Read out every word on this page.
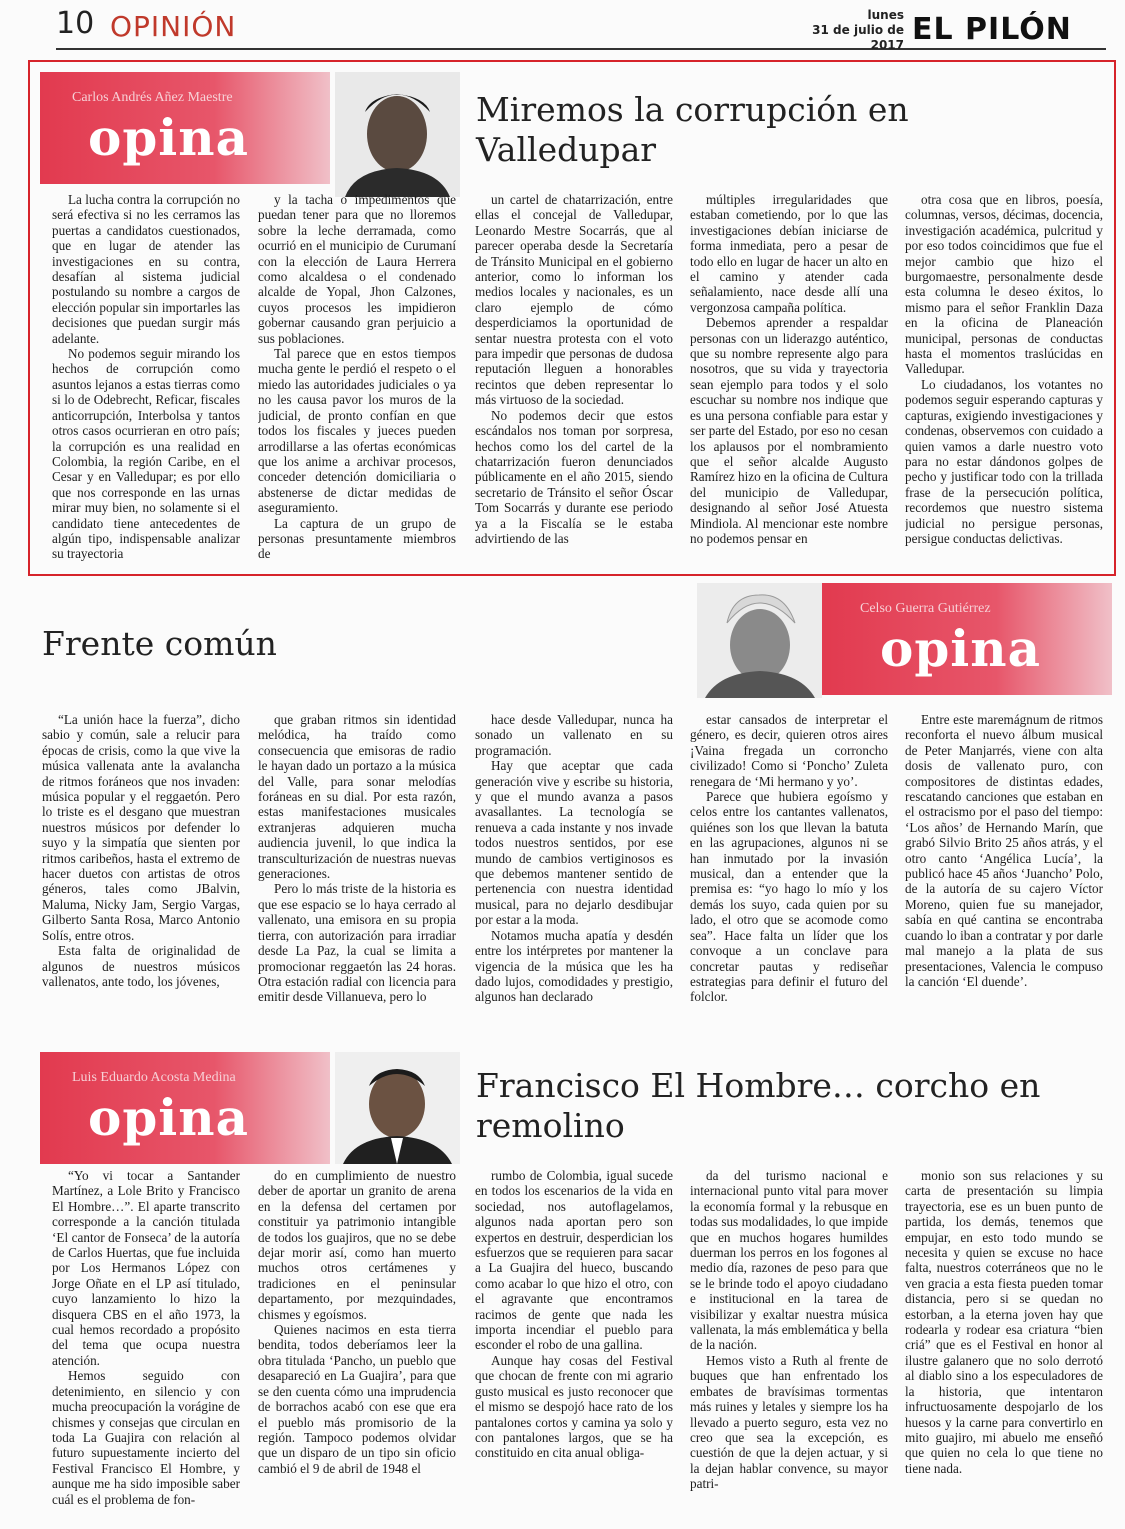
10 OPINIÓN	lunes
31 de julio de 2017 EL PILÓN
Carlos Andrés Añez Maestre
opina	Miremos la corrupción en Valledupar

La lucha contra la corrupción no será efectiva si no les cerramos las puertas a candidatos cuestionados, que en lugar de atender las investigaciones en su contra, desafían al sistema judicial postulando su nombre a cargos de elección popular sin importarles las decisiones que puedan surgir más adelante.

No podemos seguir mirando los hechos de corrupción como asuntos lejanos a estas tierras como si lo de Odebrecht, Reficar, fiscales anticorrupción, Interbolsa y tantos otros casos ocurrieran en otro país; la corrupción es una realidad en Colombia, la región Caribe, en el Cesar y en Valledupar; es por ello que nos corresponde en las urnas mirar muy bien, no solamente si el candidato tiene antecedentes de algún tipo, indispensable analizar su trayectoria

y la tacha o impedimentos que puedan tener para que no lloremos sobre la leche derramada, como ocurrió en el municipio de Curumaní con la elección de Laura Herrera como alcaldesa o el condenado alcalde de Yopal, Jhon Calzones, cuyos procesos les impidieron gobernar causando gran perjuicio a sus poblaciones.

Tal parece que en estos tiempos mucha gente le perdió el respeto o el miedo las autoridades judiciales o ya no les causa pavor los muros de la judicial, de pronto confían en que todos los fiscales y jueces pueden arrodillarse a las ofertas económicas que los anime a archivar procesos, conceder detención domiciliaria o abstenerse de dictar medidas de aseguramiento.

La captura de un grupo de personas presuntamente miembros de

un cartel de chatarrización, entre ellas el concejal de Valledupar, Leonardo Mestre Socarrás, que al parecer operaba desde la Secretaría de Tránsito Municipal en el gobierno anterior, como lo informan los medios locales y nacionales, es un claro ejemplo de cómo desperdiciamos la oportunidad de sentar nuestra protesta con el voto para impedir que personas de dudosa reputación lleguen a honorables recintos que deben representar lo más virtuoso de la sociedad.

No podemos decir que estos escándalos nos toman por sorpresa, hechos como los del cartel de la chatarrización fueron denunciados públicamente en el año 2015, siendo secretario de Tránsito el señor Óscar Tom Socarrás y durante ese periodo ya a la Fiscalía se le estaba advirtiendo de las

múltiples irregularidades que estaban cometiendo, por lo que las investigaciones debían iniciarse de forma inmediata, pero a pesar de todo ello en lugar de hacer un alto en el camino y atender cada señalamiento, nace desde allí una vergonzosa campaña política.

Debemos aprender a respaldar personas con un liderazgo auténtico, que su nombre represente algo para nosotros, que su vida y trayectoria sean ejemplo para todos y el solo escuchar su nombre nos indique que es una persona confiable para estar y ser parte del Estado, por eso no cesan los aplausos por el nombramiento que el señor alcalde Augusto Ramírez hizo en la oficina de Cultura del municipio de Valledupar, designando al señor José Atuesta Mindiola. Al mencionar este nombre no podemos pensar en

otra cosa que en libros, poesía, columnas, versos, décimas, docencia, investigación académica, pulcritud y por eso todos coincidimos que fue el mejor cambio que hizo el burgomaestre, personalmente desde esta columna le deseo éxitos, lo mismo para el señor Franklin Daza en la oficina de Planeación municipal, personas de conductas hasta el momentos traslúcidas en Valledupar.

Lo ciudadanos, los votantes no podemos seguir esperando capturas y capturas, exigiendo investigaciones y condenas, observemos con cuidado a quien vamos a darle nuestro voto para no estar dándonos golpes de pecho y justificar todo con la trillada frase de la persecución política, recordemos que nuestro sistema judicial no persigue personas, persigue conductas delictivas.

Frente común
Celso Guerra Gutiérrez
opina

“La unión hace la fuerza”, dicho sabio y común, sale a relucir para épocas de crisis, como la que vive la música vallenata ante la avalancha de ritmos foráneos que nos invaden: música popular y el reggaetón. Pero lo triste es el desgano que muestran nuestros músicos por defender lo suyo y la simpatía que sienten por ritmos caribeños, hasta el extremo de hacer duetos con artistas de otros géneros, tales como JBalvin, Maluma, Nicky Jam, Sergio Vargas, Gilberto Santa Rosa, Marco Antonio Solís, entre otros.

Esta falta de originalidad de algunos de nuestros músicos vallenatos, ante todo, los jóvenes,

que graban ritmos sin identidad melódica, ha traído como consecuencia que emisoras de radio le hayan dado un portazo a la música del Valle, para sonar melodías foráneas en su dial. Por esta razón, estas manifestaciones musicales extranjeras adquieren mucha audiencia juvenil, lo que indica la transculturización de nuestras nuevas generaciones.

Pero lo más triste de la historia es que ese espacio se lo haya cerrado al vallenato, una emisora en su propia tierra, con autorización para irradiar desde La Paz, la cual se limita a promocionar reggaetón las 24 horas. Otra estación radial con licencia para emitir desde Villanueva, pero lo

hace desde Valledupar, nunca ha sonado un vallenato en su programación.

Hay que aceptar que cada generación vive y escribe su historia, y que el mundo avanza a pasos avasallantes. La tecnología se renueva a cada instante y nos invade todos nuestros sentidos, por ese mundo de cambios vertiginosos es que debemos mantener sentido de pertenencia con nuestra identidad musical, para no dejarlo desdibujar por estar a la moda.

Notamos mucha apatía y desdén entre los intérpretes por mantener la vigencia de la música que les ha dado lujos, comodidades y prestigio, algunos han declarado

estar cansados de interpretar el género, es decir, quieren otros aires ¡Vaina fregada un corroncho civilizado! Como si ‘Poncho’ Zuleta renegara de ‘Mi hermano y yo’.

Parece que hubiera egoísmo y celos entre los cantantes vallenatos, quiénes son los que llevan la batuta en las agrupaciones, algunos ni se han inmutado por la invasión musical, dan a entender que la premisa es: “yo hago lo mío y los demás los suyo, cada quien por su lado, el otro que se acomode como sea”. Hace falta un líder que los convoque a un conclave para concretar pautas y rediseñar estrategias para definir el futuro del folclor.

Entre este maremágnum de ritmos reconforta el nuevo álbum musical de Peter Manjarrés, viene con alta dosis de vallenato puro, con compositores de distintas edades, rescatando canciones que estaban en el ostracismo por el paso del tiempo: ‘Los años’ de Hernando Marín, que grabó Silvio Brito 25 años atrás, y el otro canto ‘Angélica Lucía’, la publicó hace 45 años ‘Juancho’ Polo, de la autoría de su cajero Víctor Moreno, quien fue su manejador, sabía en qué cantina se encontraba cuando lo iban a contratar y por darle mal manejo a la plata de sus presentaciones, Valencia le compuso la canción ‘El duende’.

Luis Eduardo Acosta Medina
opina
Francisco El Hombre… corcho en remolino

“Yo vi tocar a Santander Martínez, a Lole Brito y Francisco El Hombre…”. El aparte transcrito corresponde a la canción titulada ‘El cantor de Fonseca’ de la autoría de Carlos Huertas, que fue incluida por Los Hermanos López con Jorge Oñate en el LP así titulado, cuyo lanzamiento lo hizo la disquera CBS en el año 1973, la cual hemos recordado a propósito del tema que ocupa nuestra atención.

Hemos seguido con detenimiento, en silencio y con mucha preocupación la vorágine de chismes y consejas que circulan en toda La Guajira con relación al futuro supuestamente incierto del Festival Francisco El Hombre, y aunque me ha sido imposible saber cuál es el problema de fon-

do en cumplimiento de nuestro deber de aportar un granito de arena en la defensa del certamen por constituir ya patrimonio intangible de todos los guajiros, que no se debe dejar morir así, como han muerto muchos otros certámenes y tradiciones en el peninsular departamento, por mezquindades, chismes y egoísmos.

Quienes nacimos en esta tierra bendita, todos deberíamos leer la obra titulada ‘Pancho, un pueblo que desapareció en La Guajira’, para que se den cuenta cómo una imprudencia de borrachos acabó con ese que era el pueblo más promisorio de la región. Tampoco podemos olvidar que un disparo de un tipo sin oficio cambió el 9 de abril de 1948 el

rumbo de Colombia, igual sucede en todos los escenarios de la vida en sociedad, nos autoflagelamos, algunos nada aportan pero son expertos en destruir, desperdician los esfuerzos que se requieren para sacar a La Guajira del hueco, buscando como acabar lo que hizo el otro, con el agravante que encontramos racimos de gente que nada les importa incendiar el pueblo para esconder el robo de una gallina.

Aunque hay cosas del Festival que chocan de frente con mi agrario gusto musical es justo reconocer que el mismo se despojó hace rato de los pantalones cortos y camina ya solo y con pantalones largos, que se ha constituido en cita anual obliga-

da del turismo nacional e internacional punto vital para mover la economía formal y la rebusque en todas sus modalidades, lo que impide que en muchos hogares humildes duerman los perros en los fogones al medio día, razones de peso para que se le brinde todo el apoyo ciudadano e institucional en la tarea de visibilizar y exaltar nuestra música vallenata, la más emblemática y bella de la nación.

Hemos visto a Ruth al frente de buques que han enfrentado los embates de bravísimas tormentas más ruines y letales y siempre los ha llevado a puerto seguro, esta vez no creo que sea la excepción, es cuestión de que la dejen actuar, y si la dejan hablar convence, su mayor patri-

monio son sus relaciones y su carta de presentación su limpia trayectoria, ese es un buen punto de partida, los demás, tenemos que empujar, en esto todo mundo se necesita y quien se excuse no hace falta, nuestros coterráneos que no le ven gracia a esta fiesta pueden tomar distancia, pero si se quedan no estorban, a la eterna joven hay que rodearla y rodear esa criatura “bien criá” que es el Festival en honor al ilustre galanero que no solo derrotó al diablo sino a los especuladores de la historia, que intentaron infructuosamente despojarlo de los huesos y la carne para convertirlo en mito guajiro, mi abuelo me enseñó que quien no cela lo que tiene no tiene nada.
